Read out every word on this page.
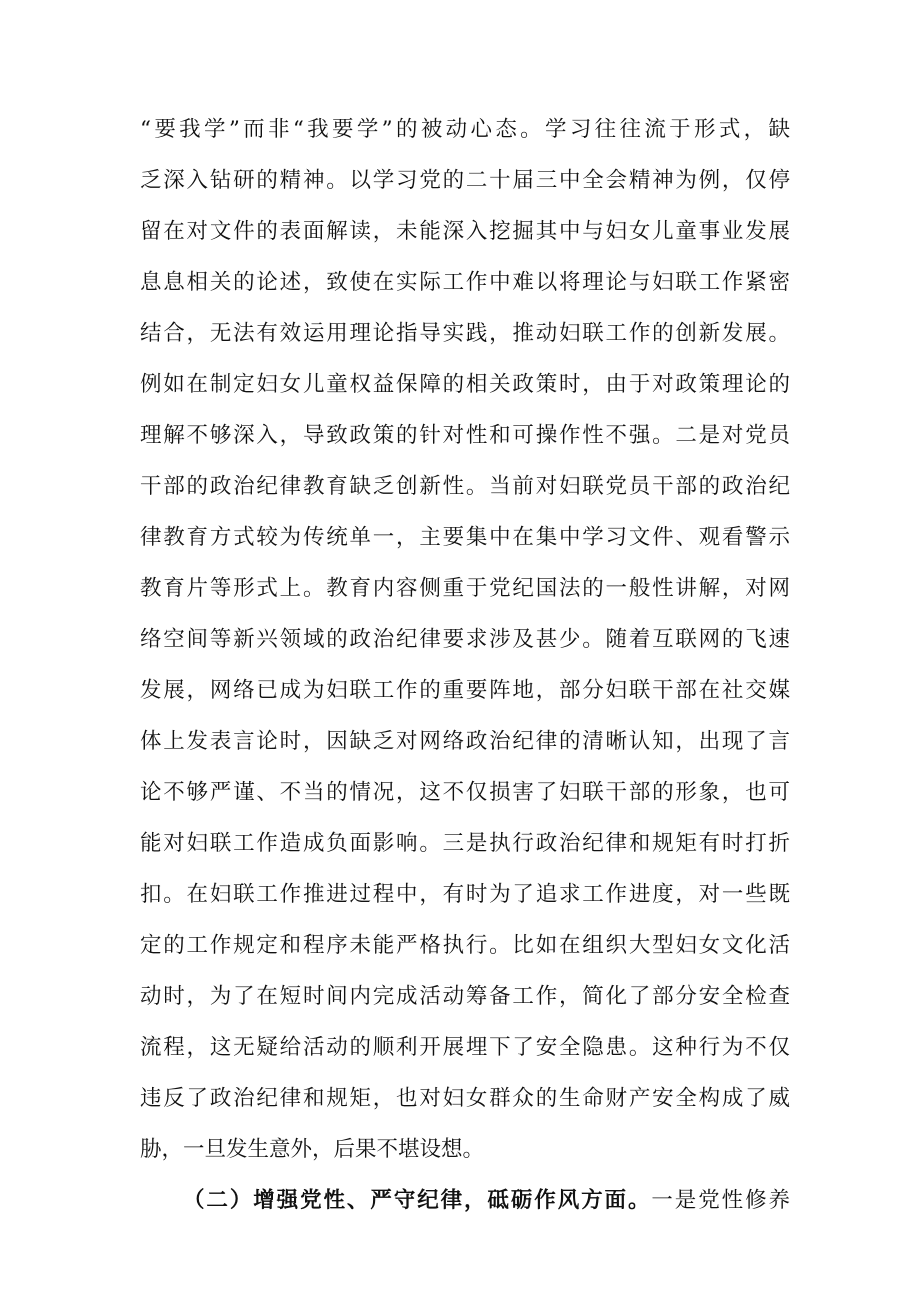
“要我学”而非“我要学”的被动心态。学习往往流于形式，缺
乏深入钻研的精神。以学习党的二十届三中全会精神为例，仅停
留在对文件的表面解读，未能深入挖掘其中与妇女儿童事业发展
息息相关的论述，致使在实际工作中难以将理论与妇联工作紧密
结合，无法有效运用理论指导实践，推动妇联工作的创新发展。
例如在制定妇女儿童权益保障的相关政策时，由于对政策理论的
理解不够深入，导致政策的针对性和可操作性不强。二是对党员
干部的政治纪律教育缺乏创新性。当前对妇联党员干部的政治纪
律教育方式较为传统单一，主要集中在集中学习文件、观看警示
教育片等形式上。教育内容侧重于党纪国法的一般性讲解，对网
络空间等新兴领域的政治纪律要求涉及甚少。随着互联网的飞速
发展，网络已成为妇联工作的重要阵地，部分妇联干部在社交媒
体上发表言论时，因缺乏对网络政治纪律的清晰认知，出现了言
论不够严谨、不当的情况，这不仅损害了妇联干部的形象，也可
能对妇联工作造成负面影响。三是执行政治纪律和规矩有时打折
扣。在妇联工作推进过程中，有时为了追求工作进度，对一些既
定的工作规定和程序未能严格执行。比如在组织大型妇女文化活
动时，为了在短时间内完成活动筹备工作，简化了部分安全检查
流程，这无疑给活动的顺利开展埋下了安全隐患。这种行为不仅
违反了政治纪律和规矩，也对妇女群众的生命财产安全构成了威
胁，一旦发生意外，后果不堪设想。
（二）增强党性、严守纪律，砥砺作风方面。一是党性修养
